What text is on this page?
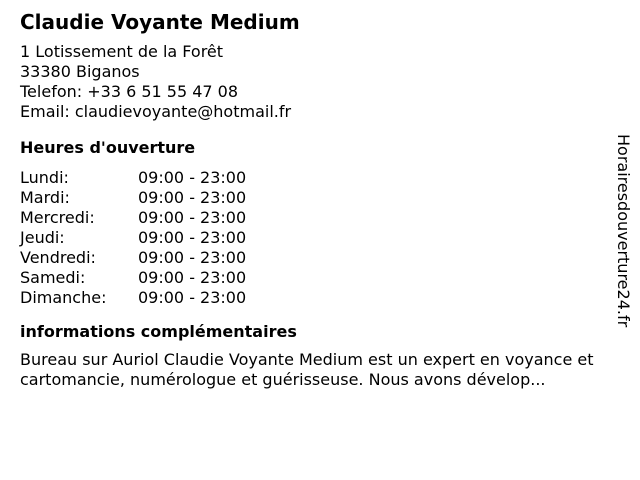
Claudie Voyante Medium
1 Lotissement de la Forêt
33380 Biganos
Telefon: +33 6 51 55 47 08
Email: claudievoyante@hotmail.fr
Heures d'ouverture
Lundi:	09:00 - 23:00
Mardi:	09:00 - 23:00
Mercredi:	09:00 - 23:00
Jeudi:	09:00 - 23:00
Vendredi:	09:00 - 23:00
Samedi:	09:00 - 23:00
Dimanche:	09:00 - 23:00
informations complémentaires
Bureau sur Auriol Claudie Voyante Medium est un expert en voyance et cartomancie, numérologue et guérisseuse. Nous avons dévelop...
Horairesdouverture24.fr
